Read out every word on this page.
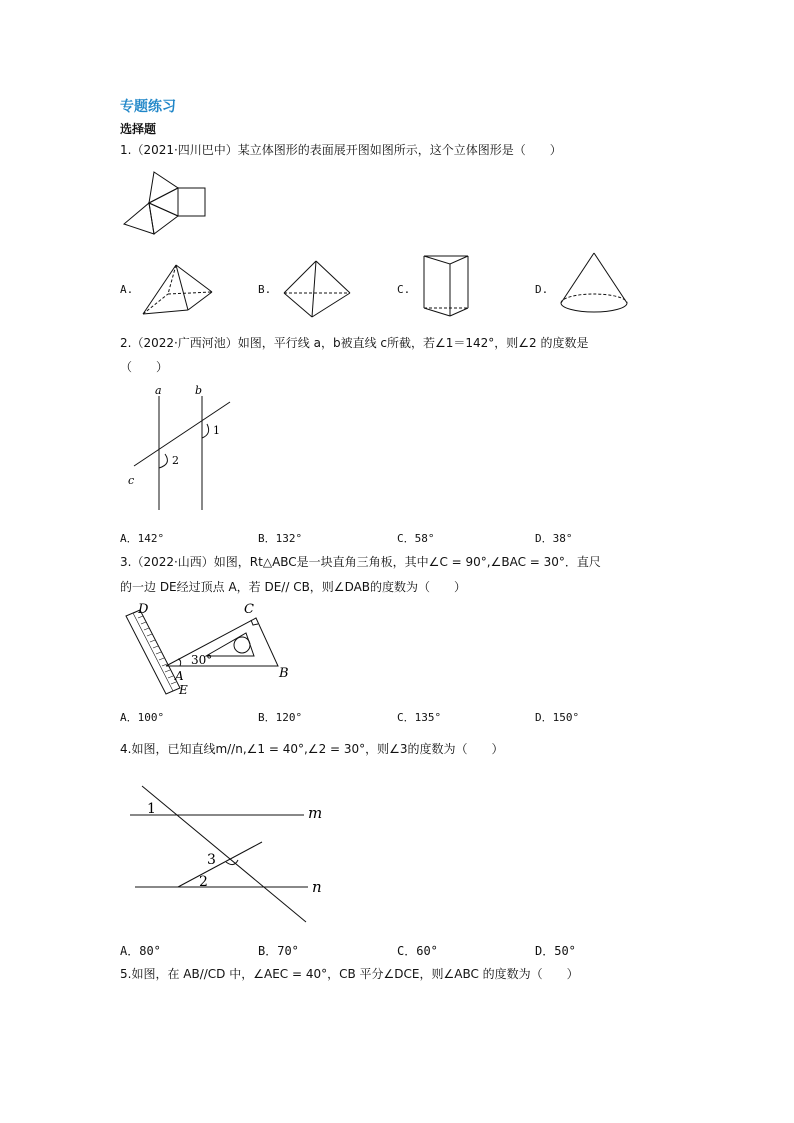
专题练习
选择题
1.（2021·四川巴中）某立体图形的表面展开图如图所示，这个立体图形是（　　）
A.	B.	C.	D.
2.（2022·广西河池）如图，平行线 a，b被直线 c所截，若∠1＝142°，则∠2 的度数是
（　　）
a	b
c
1
2
A．142°	B．132°	C．58°	D．38°
3.（2022·山西）如图，Rt△ABC是一块直角三角板，其中∠C = 90°,∠BAC = 30°．直尺
的一边 DE经过顶点 A，若 DE// CB，则∠DAB的度数为（　　）
D	C
A	B
E
30°
A．100°	B．120°	C．135°	D．150°
4.如图，已知直线m//n,∠1 = 40°,∠2 = 30°，则∠3的度数为（　　）
m
n
1
2
3
A．80°	B．70°	C．60°	D．50°
5.如图，在 AB//CD 中，∠AEC = 40°，CB 平分∠DCE，则∠ABC 的度数为（　　）
